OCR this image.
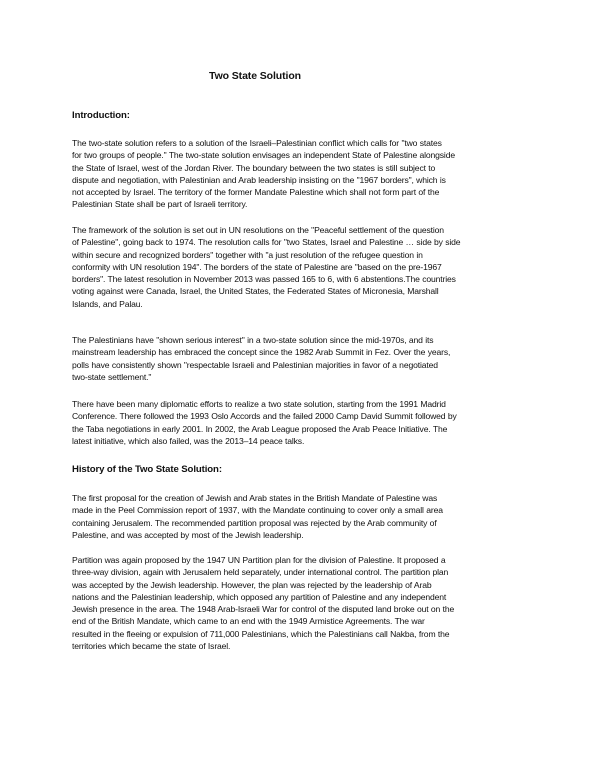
Two State Solution
Introduction:

The two-state solution refers to a solution of the Israeli–Palestinian conflict which calls for "two states
for two groups of people." The two-state solution envisages an independent State of Palestine alongside
the State of Israel, west of the Jordan River. The boundary between the two states is still subject to
dispute and negotiation, with Palestinian and Arab leadership insisting on the "1967 borders", which is
not accepted by Israel. The territory of the former Mandate Palestine which shall not form part of the
Palestinian State shall be part of Israeli territory.

The framework of the solution is set out in UN resolutions on the "Peaceful settlement of the question
of Palestine", going back to 1974. The resolution calls for "two States, Israel and Palestine … side by side
within secure and recognized borders" together with "a just resolution of the refugee question in
conformity with UN resolution 194". The borders of the state of Palestine are "based on the pre-1967
borders". The latest resolution in November 2013 was passed 165 to 6, with 6 abstentions.The countries
voting against were Canada, Israel, the United States, the Federated States of Micronesia, Marshall
Islands, and Palau.

The Palestinians have "shown serious interest" in a two-state solution since the mid-1970s, and its
mainstream leadership has embraced the concept since the 1982 Arab Summit in Fez. Over the years,
polls have consistently shown "respectable Israeli and Palestinian majorities in favor of a negotiated
two-state settlement."

There have been many diplomatic efforts to realize a two state solution, starting from the 1991 Madrid
Conference. There followed the 1993 Oslo Accords and the failed 2000 Camp David Summit followed by
the Taba negotiations in early 2001. In 2002, the Arab League proposed the Arab Peace Initiative. The
latest initiative, which also failed, was the 2013–14 peace talks.

History of the Two State Solution:

The first proposal for the creation of Jewish and Arab states in the British Mandate of Palestine was
made in the Peel Commission report of 1937, with the Mandate continuing to cover only a small area
containing Jerusalem. The recommended partition proposal was rejected by the Arab community of
Palestine, and was accepted by most of the Jewish leadership.

Partition was again proposed by the 1947 UN Partition plan for the division of Palestine. It proposed a
three-way division, again with Jerusalem held separately, under international control. The partition plan
was accepted by the Jewish leadership. However, the plan was rejected by the leadership of Arab
nations and the Palestinian leadership, which opposed any partition of Palestine and any independent
Jewish presence in the area. The 1948 Arab-Israeli War for control of the disputed land broke out on the
end of the British Mandate, which came to an end with the 1949 Armistice Agreements. The war
resulted in the fleeing or expulsion of 711,000 Palestinians, which the Palestinians call Nakba, from the
territories which became the state of Israel.
